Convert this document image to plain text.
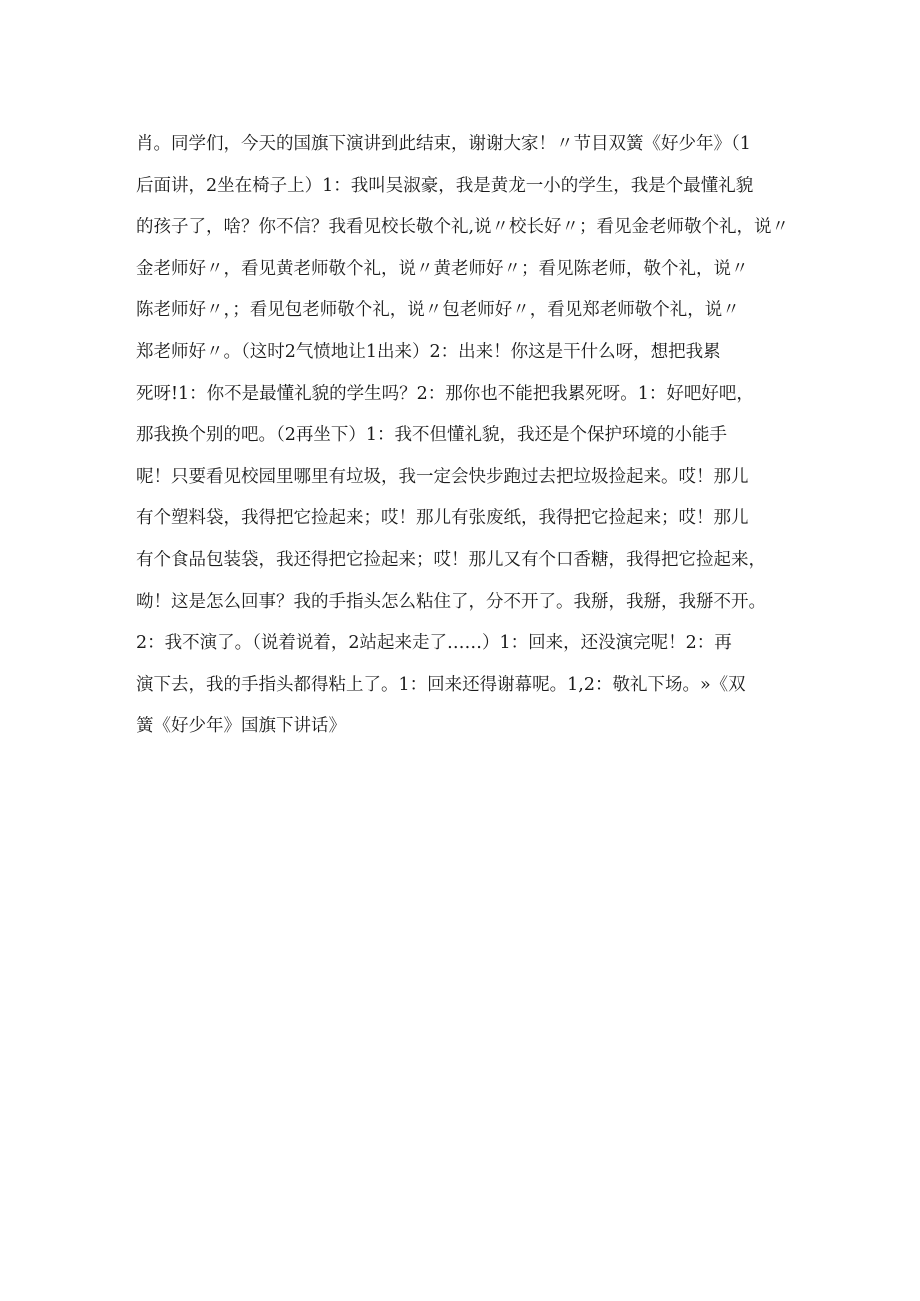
肖。同学们，今天的国旗下演讲到此结束，谢谢大家！〃节目双簧《好少年》（1
后面讲，2坐在椅子上）1：我叫吴淑豪，我是黄龙一小的学生，我是个最懂礼貌
的孩子了，啥？你不信？我看见校长敬个礼,说〃校长好〃；看见金老师敬个礼，说〃
金老师好〃，看见黄老师敬个礼，说〃黄老师好〃；看见陈老师，敬个礼，说〃
陈老师好〃，；看见包老师敬个礼，说〃包老师好〃，看见郑老师敬个礼，说〃
郑老师好〃。（这时2气愤地让1出来）2：出来！你这是干什么呀，想把我累
死呀!1：你不是最懂礼貌的学生吗？2：那你也不能把我累死呀。1：好吧好吧，
那我换个别的吧。（2再坐下）1：我不但懂礼貌，我还是个保护环境的小能手
呢！只要看见校园里哪里有垃圾，我一定会快步跑过去把垃圾捡起来。哎！那儿
有个塑料袋，我得把它捡起来；哎！那儿有张废纸，我得把它捡起来；哎！那儿
有个食品包装袋，我还得把它捡起来；哎！那儿又有个口香糖，我得把它捡起来，
呦！这是怎么回事？我的手指头怎么粘住了，分不开了。我掰，我掰，我掰不开。
2：我不演了。（说着说着，2站起来走了……）1：回来，还没演完呢！2：再
演下去，我的手指头都得粘上了。1：回来还得谢幕呢。1,2：敬礼下场。»《双
簧《好少年》国旗下讲话》
